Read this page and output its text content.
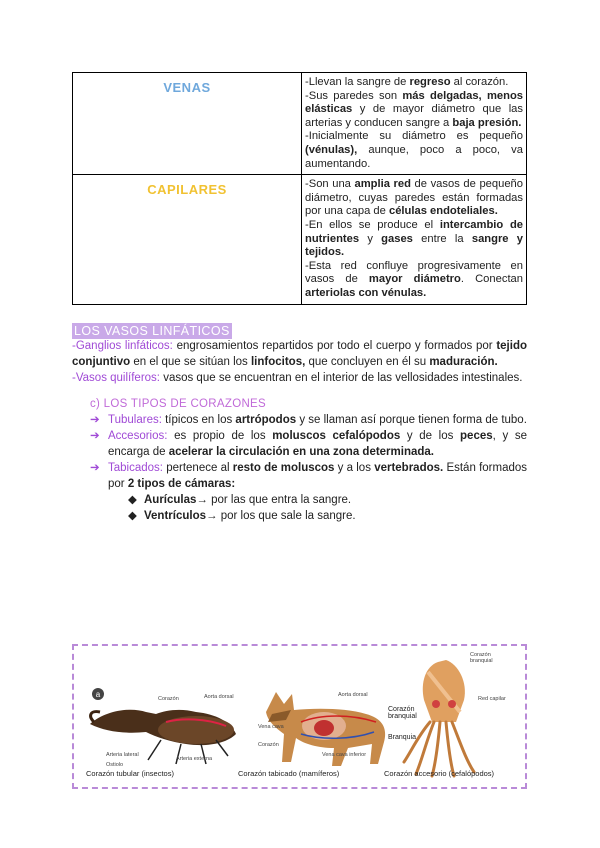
VENAS	-Llevan la sangre de regreso al corazón.

-Sus paredes son más delgadas, menos elásticas y de mayor diámetro que las arterias y conducen sangre a baja presión.

-Inicialmente su diámetro es pequeño (vénulas), aunque, poco a poco, va aumentando.

CAPILARES	-Son una amplia red de vasos de pequeño diámetro, cuyas paredes están formadas por una capa de células endoteliales.

-En ellos se produce el intercambio de nutrientes y gases entre la sangre y tejidos.

-Esta red confluye progresivamente en vasos de mayor diámetro. Conectan arteriolas con vénulas.

LOS VASOS LINFÁTICOS

-Ganglios linfáticos: engrosamientos repartidos por todo el cuerpo y formados por tejido conjuntivo en el que se sitúan los linfocitos, que concluyen en él su maduración.

-Vasos quilíferos: vasos que se encuentran en el interior de las vellosidades intestinales.

c) LOS TIPOS DE CORAZONES
➔ Tubulares: típicos en los artrópodos y se llaman así porque tienen forma de tubo.
➔ Accesorios: es propio de los moluscos cefalópodos y de los peces, y se encarga de acelerar la circulación en una zona determinada.
➔ Tabicados: pertenece al resto de moluscos y a los vertebrados. Están formados por 2 tipos de cámaras:
◆ Aurículas→ por las que entra la sangre.
◆ Ventrículos→ por los que sale la sangre.
a	Corazón	Aorta dorsal
Arteria lateral
Arteria externa
Ostiolo
Aorta dorsal
Vena cava
Corazón
Vena cava inferior
Corazón branquial
Red capilar
Corazón branquial
Branquia
Corazón tubular (insectos)	Corazón tabicado (mamíferos)	Corazón accesorio (cefalópodos)
